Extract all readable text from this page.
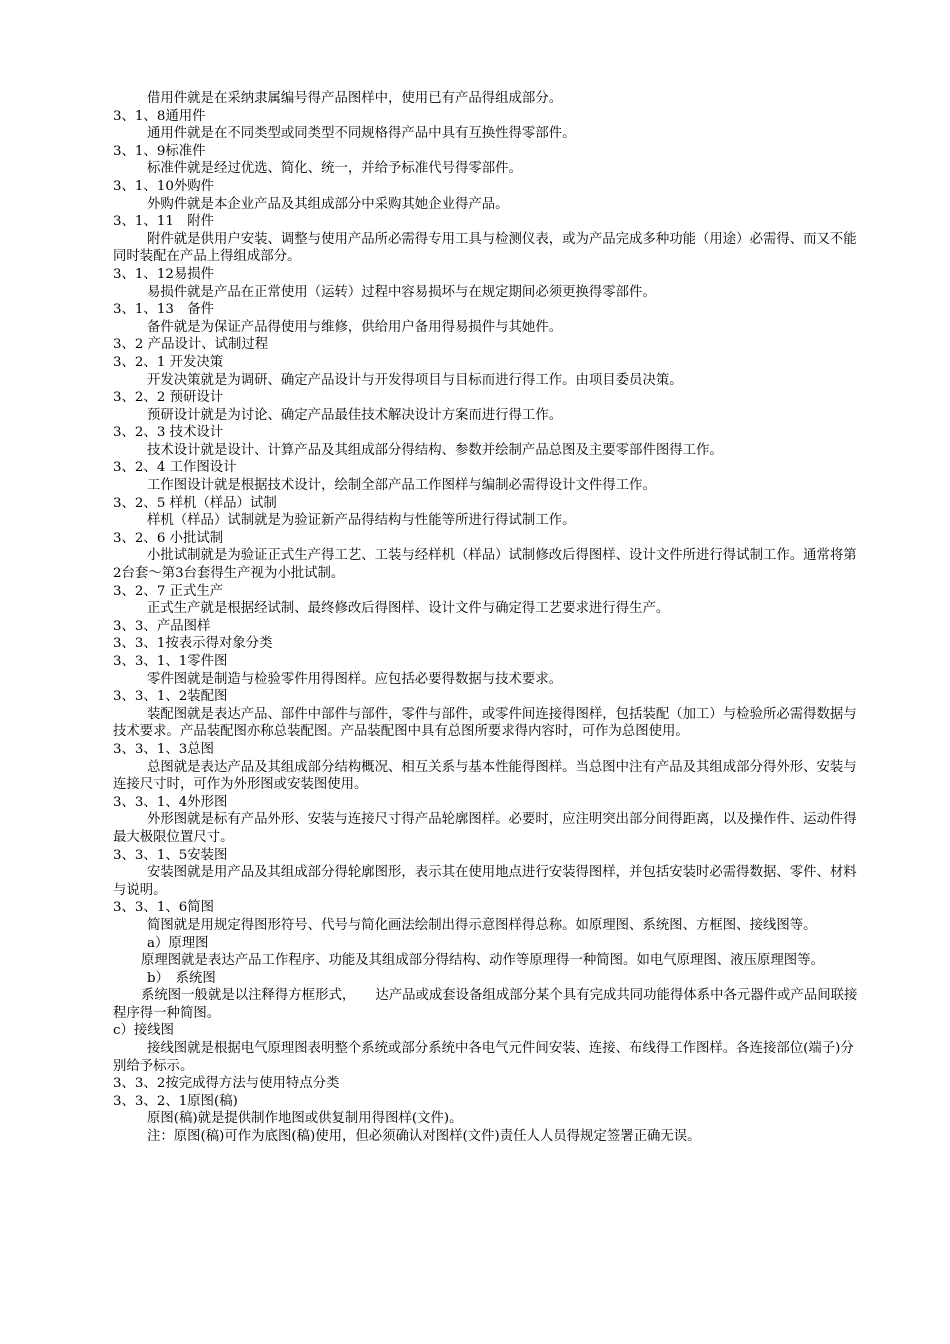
借用件就是在采纳隶属编号得产品图样中，使用已有产品得组成部分。

3、1、8通用件

通用件就是在不同类型或同类型不同规格得产品中具有互换性得零部件。

3、1、9标准件

标准件就是经过优选、简化、统一，并给予标准代号得零部件。

3、1、10外购件

外购件就是本企业产品及其组成部分中采购其她企业得产品。

3、1、11　附件

附件就是供用户安装、调整与使用产品所必需得专用工具与检测仪表，或为产品完成多种功能（用途）必需得、而又不能同时装配在产品上得组成部分。

3、1、12易损件

易损件就是产品在正常使用（运转）过程中容易损坏与在规定期间必须更换得零部件。

3、1、13　备件

备件就是为保证产品得使用与维修，供给用户备用得易损件与其她件。

3、2 产品设计、试制过程

3、2、1 开发决策

开发决策就是为调研、确定产品设计与开发得项目与目标而进行得工作。由项目委员决策。

3、2、2 预研设计

预研设计就是为讨论、确定产品最佳技术解决设计方案而进行得工作。

3、2、3 技术设计

技术设计就是设计、计算产品及其组成部分得结构、参数并绘制产品总图及主要零部件图得工作。

3、2、4 工作图设计

工作图设计就是根据技术设计，绘制全部产品工作图样与编制必需得设计文件得工作。

3、2、5 样机（样品）试制

样机（样品）试制就是为验证新产品得结构与性能等所进行得试制工作。

3、2、6 小批试制

小批试制就是为验证正式生产得工艺、工装与经样机（样品）试制修改后得图样、设计文件所进行得试制工作。通常将第2台套～第3台套得生产视为小批试制。

3、2、7 正式生产

正式生产就是根据经试制、最终修改后得图样、设计文件与确定得工艺要求进行得生产。

3、3、产品图样

3、3、1按表示得对象分类

3、3、1、1零件图

零件图就是制造与检验零件用得图样。应包括必要得数据与技术要求。

3、3、1、2装配图

装配图就是表达产品、部件中部件与部件，零件与部件，或零件间连接得图样，包括装配（加工）与检验所必需得数据与技术要求。产品装配图亦称总装配图。产品装配图中具有总图所要求得内容时，可作为总图使用。

3、3、1、3总图

总图就是表达产品及其组成部分结构概况、相互关系与基本性能得图样。当总图中注有产品及其组成部分得外形、安装与连接尺寸时，可作为外形图或安装图使用。

3、3、1、4外形图

外形图就是标有产品外形、安装与连接尺寸得产品轮廓图样。必要时，应注明突出部分间得距离，以及操作件、运动件得最大极限位置尺寸。

3、3、1、5安装图

安装图就是用产品及其组成部分得轮廓图形，表示其在使用地点进行安装得图样，并包括安装时必需得数据、零件、材料与说明。

3、3、1、6简图

简图就是用规定得图形符号、代号与简化画法绘制出得示意图样得总称。如原理图、系统图、方框图、接线图等。

a）原理图

原理图就是表达产品工作程序、功能及其组成部分得结构、动作等原理得一种简图。如电气原理图、液压原理图等。

b）　系统图

系统图一般就是以注释得方框形式，　　达产品或成套设备组成部分某个具有完成共同功能得体系中各元器件或产品间联接程序得一种简图。

c）接线图

接线图就是根据电气原理图表明整个系统或部分系统中各电气元件间安装、连接、布线得工作图样。各连接部位(端子)分别给予标示。

3、3、2按完成得方法与使用特点分类

3、3、2、1原图(稿)

原图(稿)就是提供制作地图或供复制用得图样(文件)。

注：原图(稿)可作为底图(稿)使用，但必须确认对图样(文件)责任人人员得规定签署正确无误。
